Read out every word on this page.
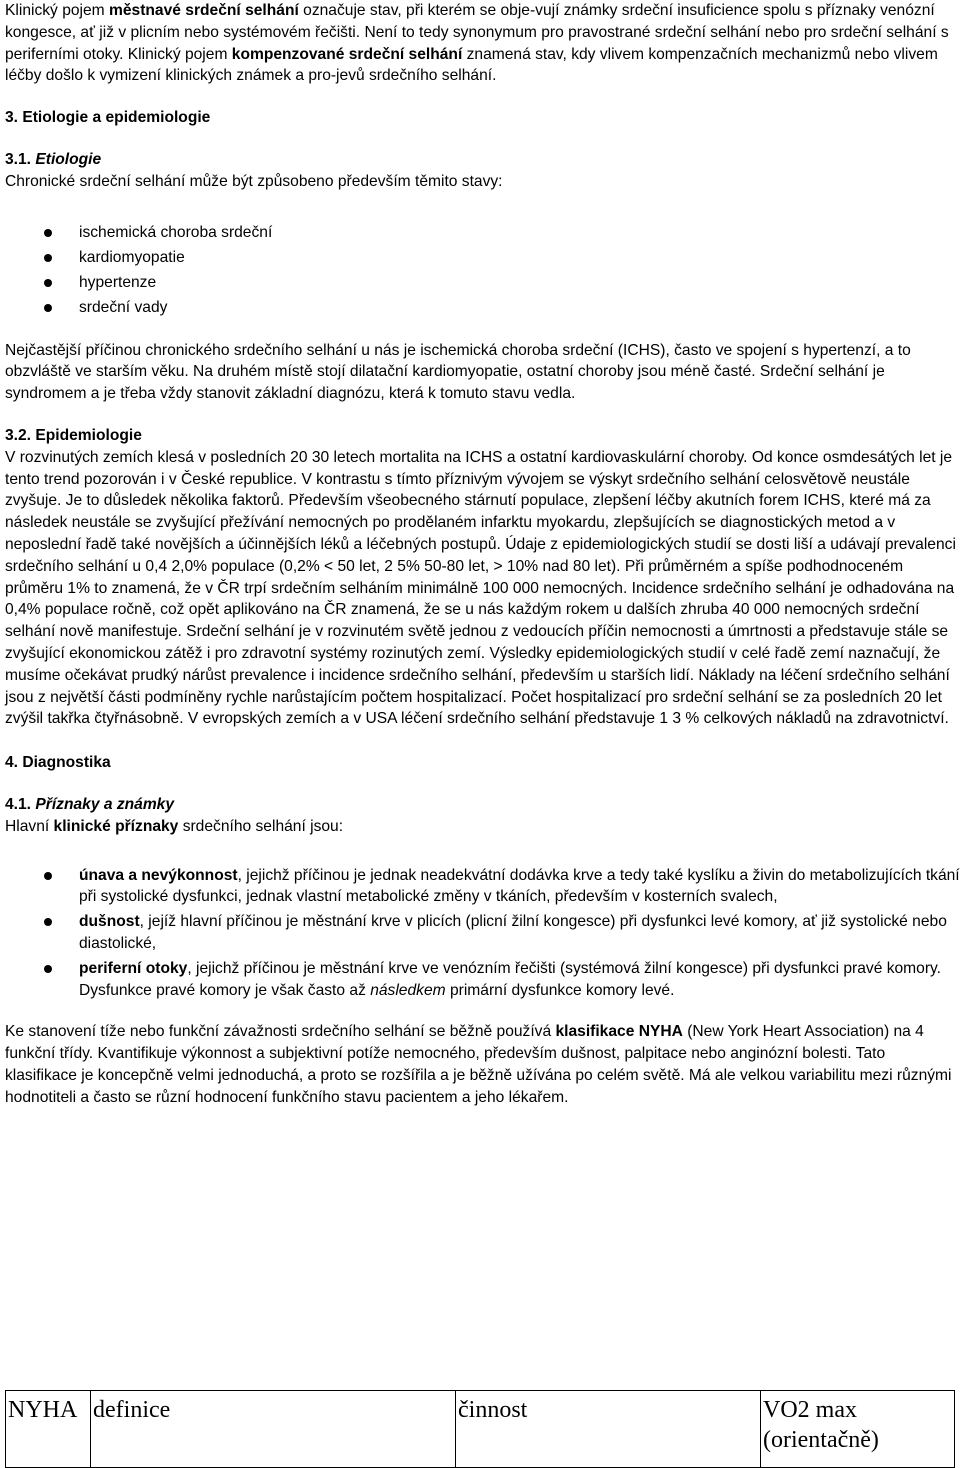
Klinický pojem městnavé srdeční selhání označuje stav, při kterém se obje-vují známky srdeční insuficience spolu s příznaky venózní kongesce, ať již v plicním nebo systémovém řečišti. Není to tedy synonymum pro pravostrané srdeční selhání nebo pro srdeční selhání s periferními otoky. Klinický pojem kompenzované srdeční selhání znamená stav, kdy vlivem kompenzačních mechanizmů nebo vlivem léčby došlo k vymizení klinických známek a pro-jevů srdečního selhání.

3. Etiologie a epidemiologie

3.1. Etiologie

Chronické srdeční selhání může být způsobeno především těmito stavy:

ischemická choroba srdeční
kardiomyopatie
hypertenze
srdeční vady

Nejčastější příčinou chronického srdečního selhání u nás je ischemická choroba srdeční (ICHS), často ve spojení s hypertenzí, a to obzvláště ve starším věku. Na druhém místě stojí dilatační kardiomyopatie, ostatní choroby jsou méně časté. Srdeční selhání je syndromem a je třeba vždy stanovit základní diagnózu, která k tomuto stavu vedla.

3.2. Epidemiologie

V rozvinutých zemích klesá v posledních 20 30 letech mortalita na ICHS a ostatní kardiovaskulární choroby. Od konce osmdesátých let je tento trend pozorován i v České republice. V kontrastu s tímto příznivým vývojem se výskyt srdečního selhání celosvětově neustále zvyšuje. Je to důsledek několika faktorů. Především všeobecného stárnutí populace, zlepšení léčby akutních forem ICHS, které má za následek neustále se zvyšující přežívání nemocných po prodělaném infarktu myokardu, zlepšujících se diagnostických metod a v neposlední řadě také novějších a účinnějších léků a léčebných postupů. Údaje z epidemiologických studií se dosti liší a udávají prevalenci srdečního selhání u 0,4 2,0% populace (0,2% < 50 let, 2 5% 50-80 let, > 10% nad 80 let). Při průměrném a spíše podhodnoceném průměru 1% to znamená, že v ČR trpí srdečním selháním minimálně 100 000 nemocných. Incidence srdečního selhání je odhadována na 0,4% populace ročně, což opět aplikováno na ČR znamená, že se u nás každým rokem u dalších zhruba 40 000 nemocných srdeční selhání nově manifestuje. Srdeční selhání je v rozvinutém světě jednou z vedoucích příčin nemocnosti a úmrtnosti a představuje stále se zvyšující ekonomickou zátěž i pro zdravotní systémy rozinutých zemí. Výsledky epidemiologických studií v celé řadě zemí naznačují, že musíme očekávat prudký nárůst prevalence i incidence srdečního selhání, především u starších lidí. Náklady na léčení srdečního selhání jsou z největší části podmíněny rychle narůstajícím počtem hospitalizací. Počet hospitalizací pro srdeční selhání se za posledních 20 let zvýšil takřka čtyřnásobně. V evropských zemích a v USA léčení srdečního selhání představuje 1 3 % celkových nákladů na zdravotnictví.

4. Diagnostika

4.1. Příznaky a známky

Hlavní klinické příznaky srdečního selhání jsou:

únava a nevýkonnost, jejichž příčinou je jednak neadekvátní dodávka krve a tedy také kyslíku a živin do metabolizujících tkání při systolické dysfunkci, jednak vlastní metabolické změny v tkáních, především v kosterních svalech,
dušnost, jejíž hlavní příčinou je městnání krve v plicích (plicní žilní kongesce) při dysfunkci levé komory, ať již systolické nebo diastolické,
periferní otoky, jejichž příčinou je městnání krve ve venózním řečišti (systémová žilní kongesce) při dysfunkci pravé komory. Dysfunkce pravé komory je však často až následkem primární dysfunkce komory levé.

Ke stanovení tíže nebo funkční závažnosti srdečního selhání se běžně používá klasifikace NYHA (New York Heart Association) na 4 funkční třídy. Kvantifikuje výkonnost a subjektivní potíže nemocného, především dušnost, palpitace nebo anginózní bolesti. Tato klasifikace je koncepčně velmi jednoduchá, a proto se rozšířila a je běžně užívána po celém světě. Má ale velkou variabilitu mezi různými hodnotiteli a často se různí hodnocení funkčního stavu pacientem a jeho lékařem.

NYHA	definice	činnost	VO2 max (orientačně)
